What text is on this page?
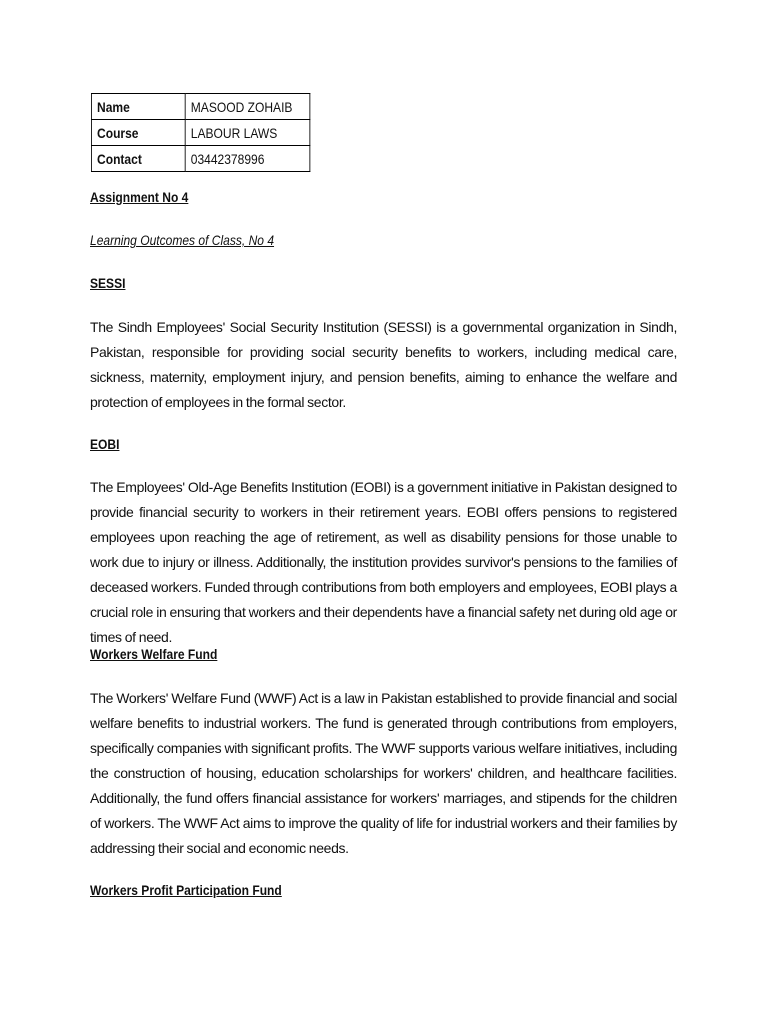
Name	MASOOD ZOHAIB
Course	LABOUR LAWS
Contact	03442378996
Assignment No 4
Learning Outcomes of Class, No 4
SESSI
The Sindh Employees' Social Security Institution (SESSI) is a governmental organization in Sindh, Pakistan, responsible for providing social security benefits to workers, including medical care, sickness, maternity, employment injury, and pension benefits, aiming to enhance the welfare and protection of employees in the formal sector.
EOBI
The Employees' Old-Age Benefits Institution (EOBI) is a government initiative in Pakistan designed to provide financial security to workers in their retirement years. EOBI offers pensions to registered employees upon reaching the age of retirement, as well as disability pensions for those unable to work due to injury or illness. Additionally, the institution provides survivor's pensions to the families of deceased workers. Funded through contributions from both employers and employees, EOBI plays a crucial role in ensuring that workers and their dependents have a financial safety net during old age or times of need.
Workers Welfare Fund
The Workers' Welfare Fund (WWF) Act is a law in Pakistan established to provide financial and social welfare benefits to industrial workers. The fund is generated through contributions from employers, specifically companies with significant profits. The WWF supports various welfare initiatives, including the construction of housing, education scholarships for workers' children, and healthcare facilities. Additionally, the fund offers financial assistance for workers' marriages, and stipends for the children of workers. The WWF Act aims to improve the quality of life for industrial workers and their families by addressing their social and economic needs.
Workers Profit Participation Fund
